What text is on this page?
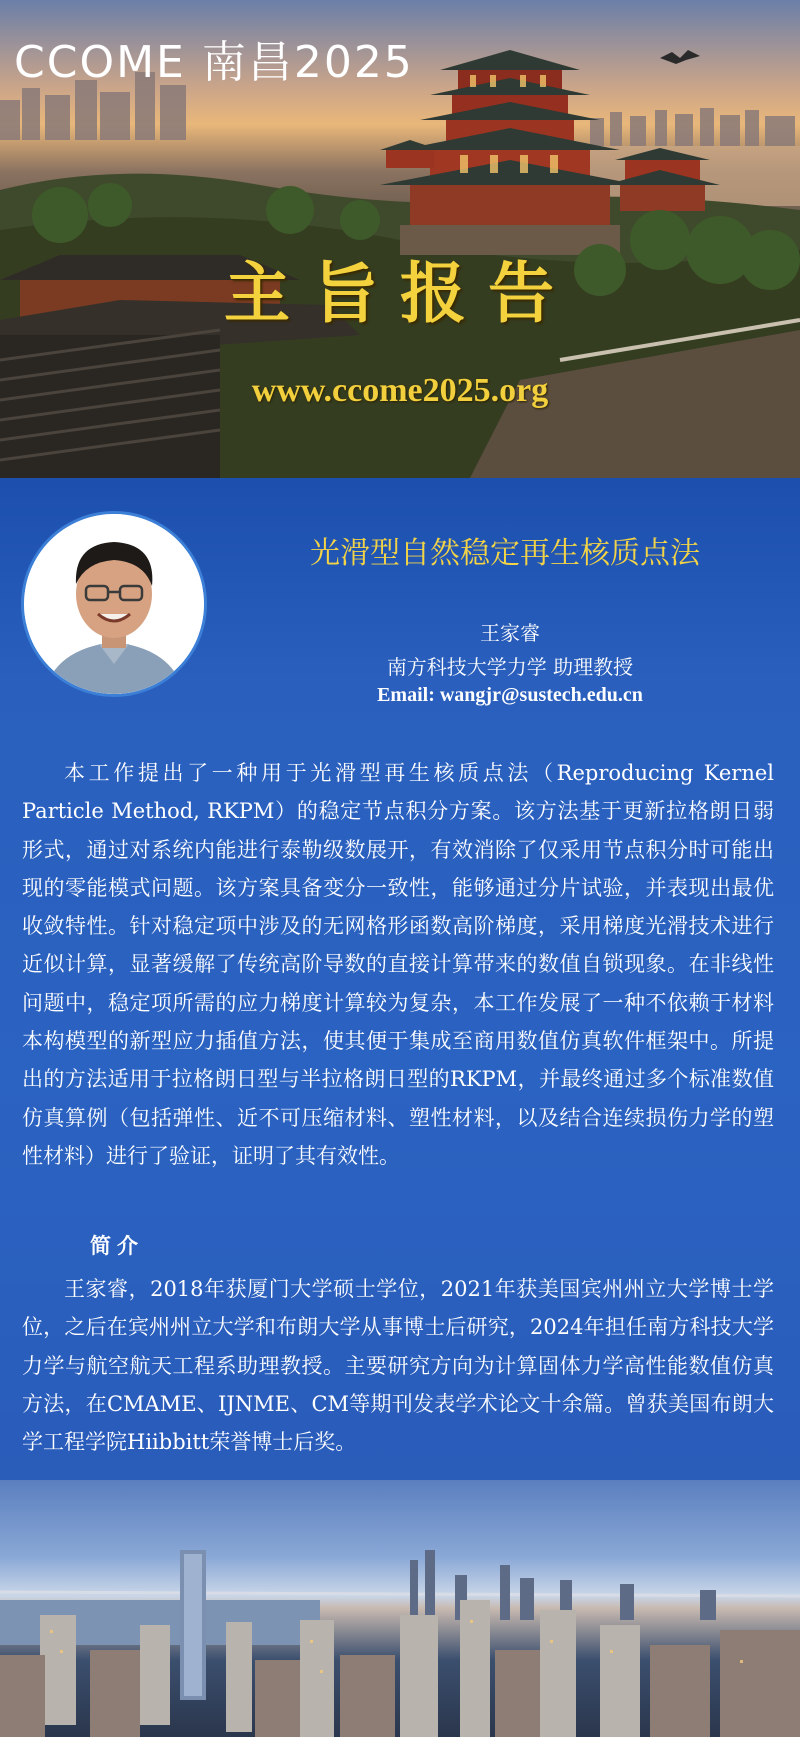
CCOME 南昌2025
主旨报告
www.ccome2025.org
光滑型自然稳定再生核质点法
王家睿
南方科技大学力学 助理教授
Email: wangjr@sustech.edu.cn
本工作提出了一种用于光滑型再生核质点法（Reproducing Kernel Particle Method, RKPM）的稳定节点积分方案。该方法基于更新拉格朗日弱形式，通过对系统内能进行泰勒级数展开，有效消除了仅采用节点积分时可能出现的零能模式问题。该方案具备变分一致性，能够通过分片试验，并表现出最优收敛特性。针对稳定项中涉及的无网格形函数高阶梯度，采用梯度光滑技术进行近似计算，显著缓解了传统高阶导数的直接计算带来的数值自锁现象。在非线性问题中，稳定项所需的应力梯度计算较为复杂，本工作发展了一种不依赖于材料本构模型的新型应力插值方法，使其便于集成至商用数值仿真软件框架中。所提出的方法适用于拉格朗日型与半拉格朗日型的RKPM，并最终通过多个标准数值仿真算例（包括弹性、近不可压缩材料、塑性材料，以及结合连续损伤力学的塑性材料）进行了验证，证明了其有效性。
简介
王家睿，2018年获厦门大学硕士学位，2021年获美国宾州州立大学博士学位，之后在宾州州立大学和布朗大学从事博士后研究，2024年担任南方科技大学力学与航空航天工程系助理教授。主要研究方向为计算固体力学高性能数值仿真方法，在CMAME、IJNME、CM等期刊发表学术论文十余篇。曾获美国布朗大学工程学院Hiibbitt荣誉博士后奖。
